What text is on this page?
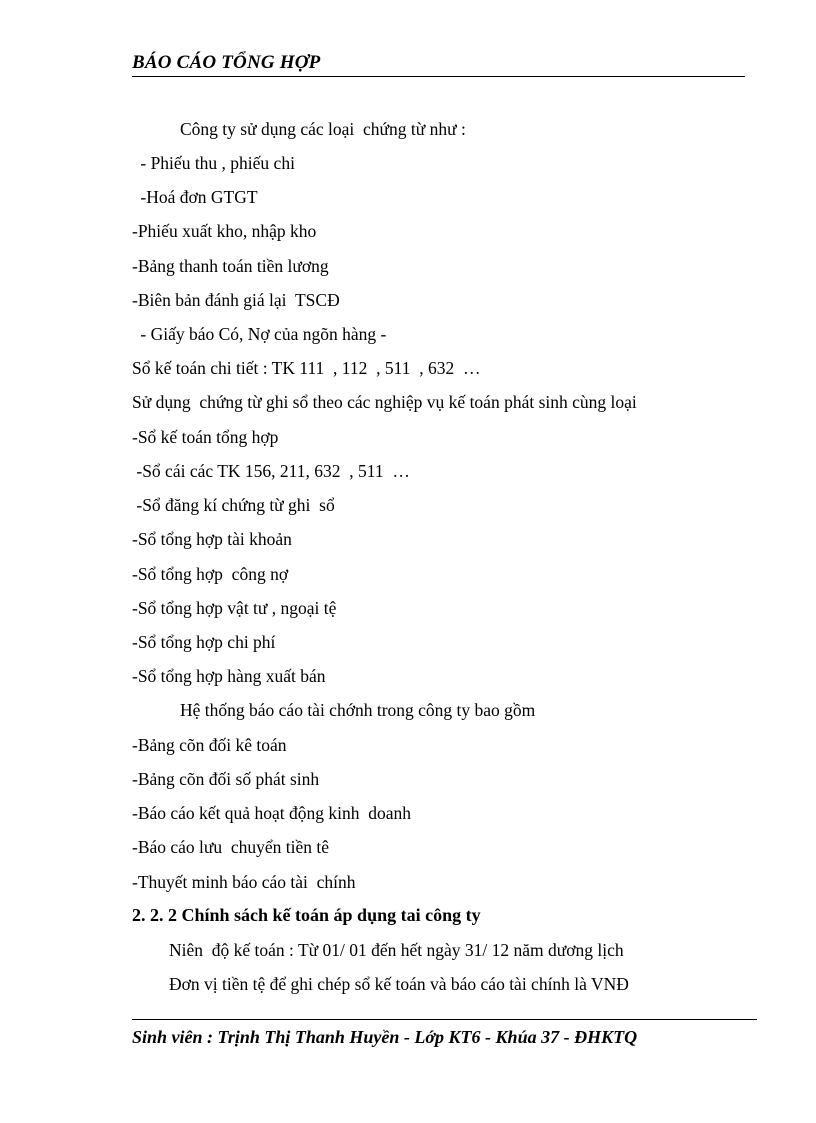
BÁO CÁO TỔNG HỢP
Công ty sử dụng các loại  chứng từ như :
- Phiếu thu , phiếu chi
-Hoá đơn GTGT
-Phiếu xuất kho, nhập kho
-Bảng thanh toán tiền lương
-Biên bản đánh giá lại  TSCĐ
- Giấy báo Có, Nợ của ngõn hàng -
Sổ kế toán chi tiết : TK 111  , 112  , 511  , 632  …
Sử dụng  chứng từ ghi sổ theo các nghiệp vụ kế toán phát sinh cùng loại
-Sổ kế toán tổng hợp
-Sổ cái các TK 156, 211, 632  , 511  …
-Sổ đăng kí chứng từ ghi  sổ
-Sổ tổng hợp tài khoản
-Sổ tổng hợp  công nợ
-Sổ tổng hợp vật tư , ngoại tệ
-Sổ tổng hợp chi phí
-Sổ tổng hợp hàng xuất bán
Hệ thống báo cáo tài chớnh trong công ty bao gồm
-Bảng cõn đối kê toán
-Bảng cõn đối số phát sinh
-Báo cáo kết quả hoạt động kinh  doanh
-Báo cáo lưu  chuyển tiền tê
-Thuyết minh báo cáo tài  chính
2. 2. 2 Chính sách kế toán áp dụng tai công ty
Niên  độ kế toán : Từ 01/ 01 đến hết ngày 31/ 12 năm dương lịch
Đơn vị tiền tệ để ghi chép sổ kế toán và báo cáo tài chính là VNĐ
Sinh viên : Trịnh Thị Thanh Huyền - Lớp KT6 - Khúa 37 - ĐHKTQ
